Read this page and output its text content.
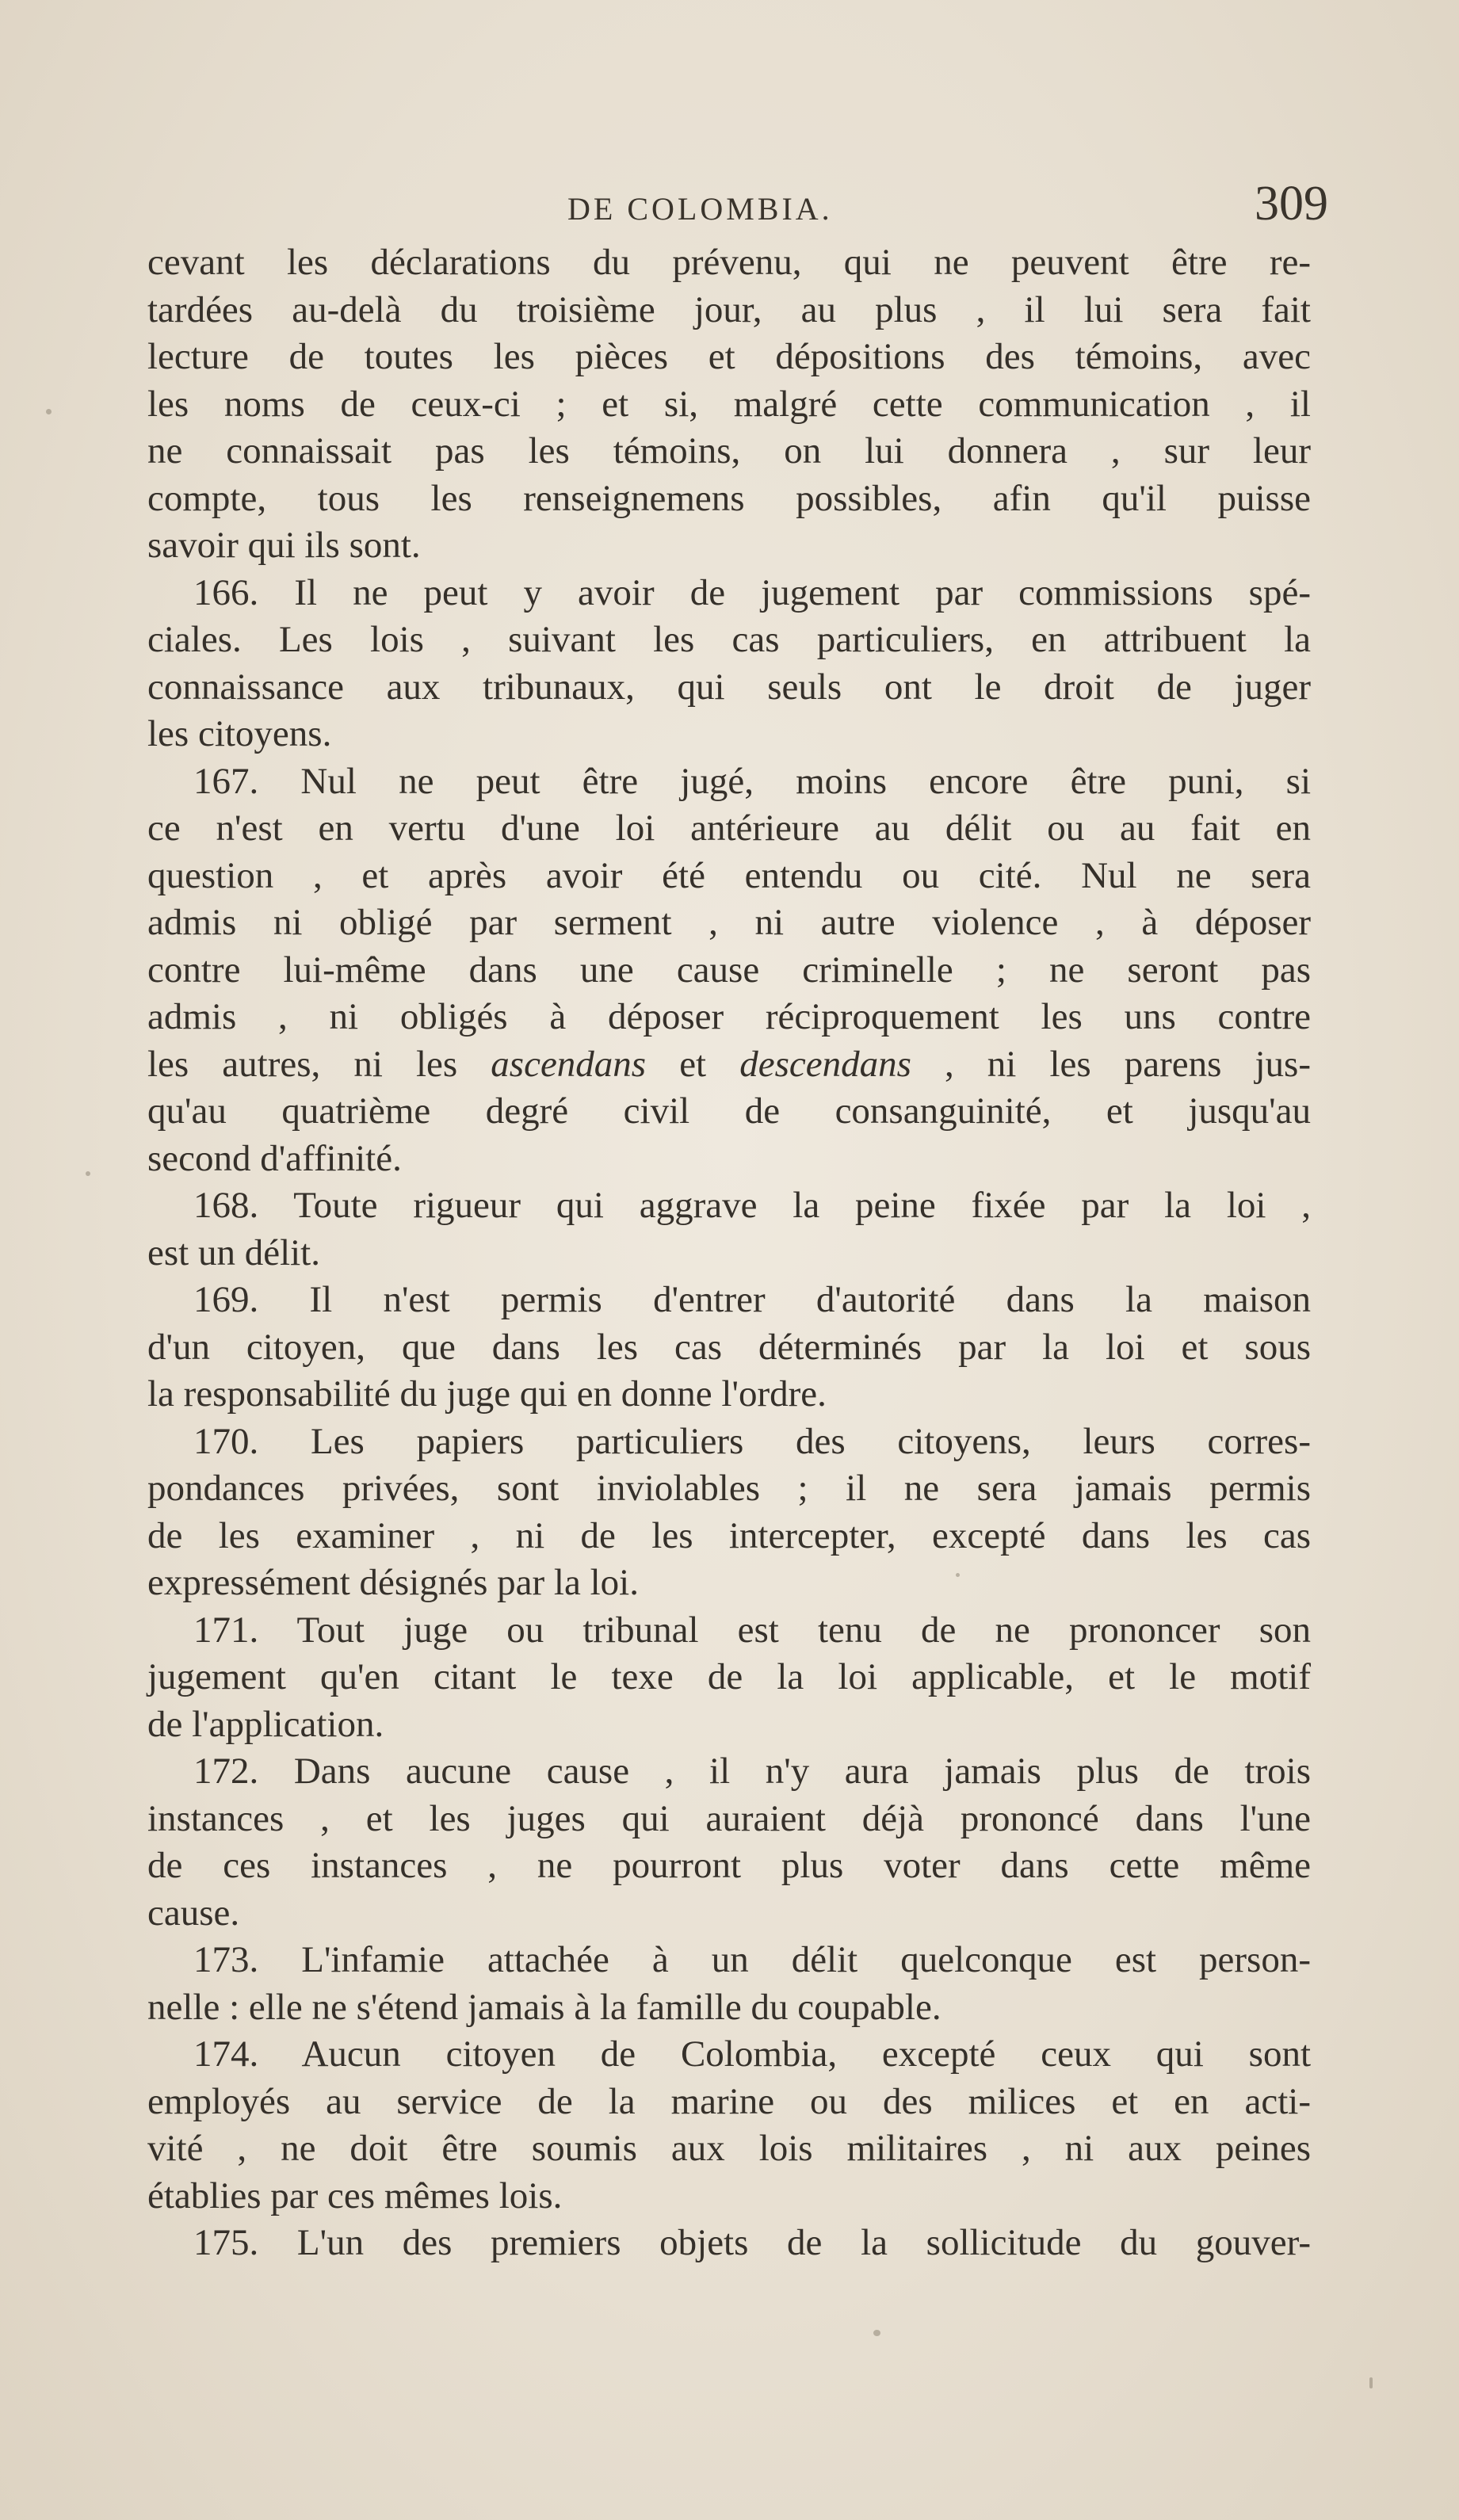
DE COLOMBIA.	309
cevant les déclarations du prévenu, qui ne peuvent être re-
tardées au-delà du troisième jour, au plus , il lui sera fait
lecture de toutes les pièces et dépositions des témoins, avec
les noms de ceux-ci ; et si, malgré cette communication , il
ne connaissait pas les témoins, on lui donnera , sur leur
compte, tous les renseignemens possibles, afin qu'il puisse
savoir qui ils sont.
166. Il ne peut y avoir de jugement par commissions spé-
ciales. Les lois , suivant les cas particuliers, en attribuent la
connaissance aux tribunaux, qui seuls ont le droit de juger
les citoyens.
167. Nul ne peut être jugé, moins encore être puni, si
ce n'est en vertu d'une loi antérieure au délit ou au fait en
question , et après avoir été entendu ou cité. Nul ne sera
admis ni obligé par serment , ni autre violence , à déposer
contre lui-même dans une cause criminelle ; ne seront pas
admis , ni obligés à déposer réciproquement les uns contre
les autres, ni les ascendans et descendans , ni les parens jus-
qu'au quatrième degré civil de consanguinité, et jusqu'au
second d'affinité.
168. Toute rigueur qui aggrave la peine fixée par la loi ,
est un délit.
169. Il n'est permis d'entrer d'autorité dans la maison
d'un citoyen, que dans les cas déterminés par la loi et sous
la responsabilité du juge qui en donne l'ordre.
170. Les papiers particuliers des citoyens, leurs corres-
pondances privées, sont inviolables ; il ne sera jamais permis
de les examiner , ni de les intercepter, excepté dans les cas
expressément désignés par la loi.
171. Tout juge ou tribunal est tenu de ne prononcer son
jugement qu'en citant le texe de la loi applicable, et le motif
de l'application.
172. Dans aucune cause , il n'y aura jamais plus de trois
instances , et les juges qui auraient déjà prononcé dans l'une
de ces instances , ne pourront plus voter dans cette même
cause.
173. L'infamie attachée à un délit quelconque est person-
nelle : elle ne s'étend jamais à la famille du coupable.
174. Aucun citoyen de Colombia, excepté ceux qui sont
employés au service de la marine ou des milices et en acti-
vité , ne doit être soumis aux lois militaires , ni aux peines
établies par ces mêmes lois.
175. L'un des premiers objets de la sollicitude du gouver-
